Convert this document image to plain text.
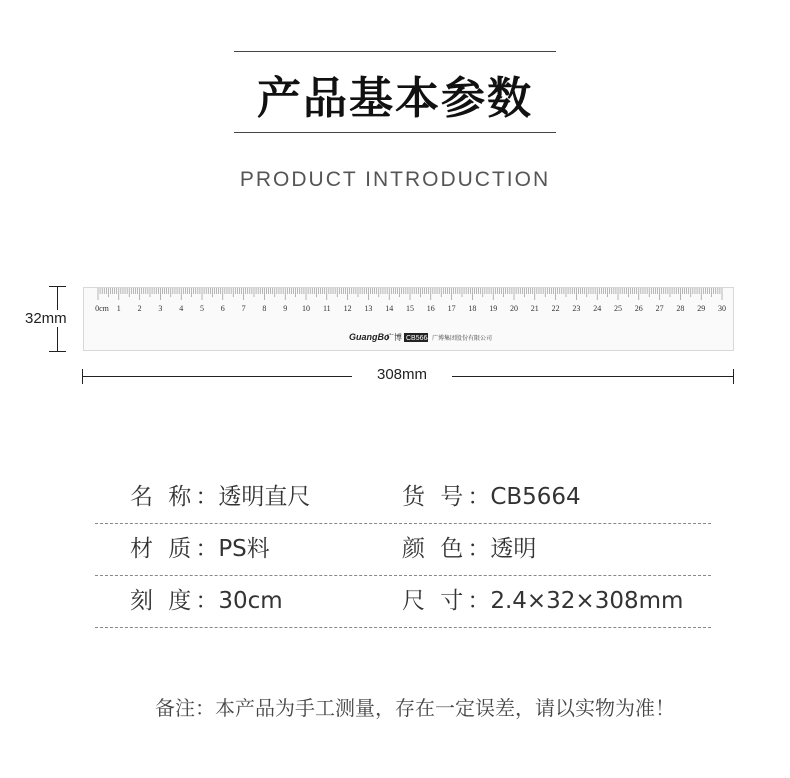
产品基本参数
PRODUCT INTRODUCTION
32mm
0cm 1 2 3 4 5 6 7 8 9 10 11 12 13 14 15 16 17 18 19 20 21 22 23 24 25 26 27 28 29 30
GuangBo
广博 CB5664 广博集团股份有限公司
308mm
名 称：透明直尺	货 号：CB5664
材 质：PS料	颜 色：透明
刻 度：30cm	尺 寸：2.4×32×308mm
备注：本产品为手工测量，存在一定误差，请以实物为准！
